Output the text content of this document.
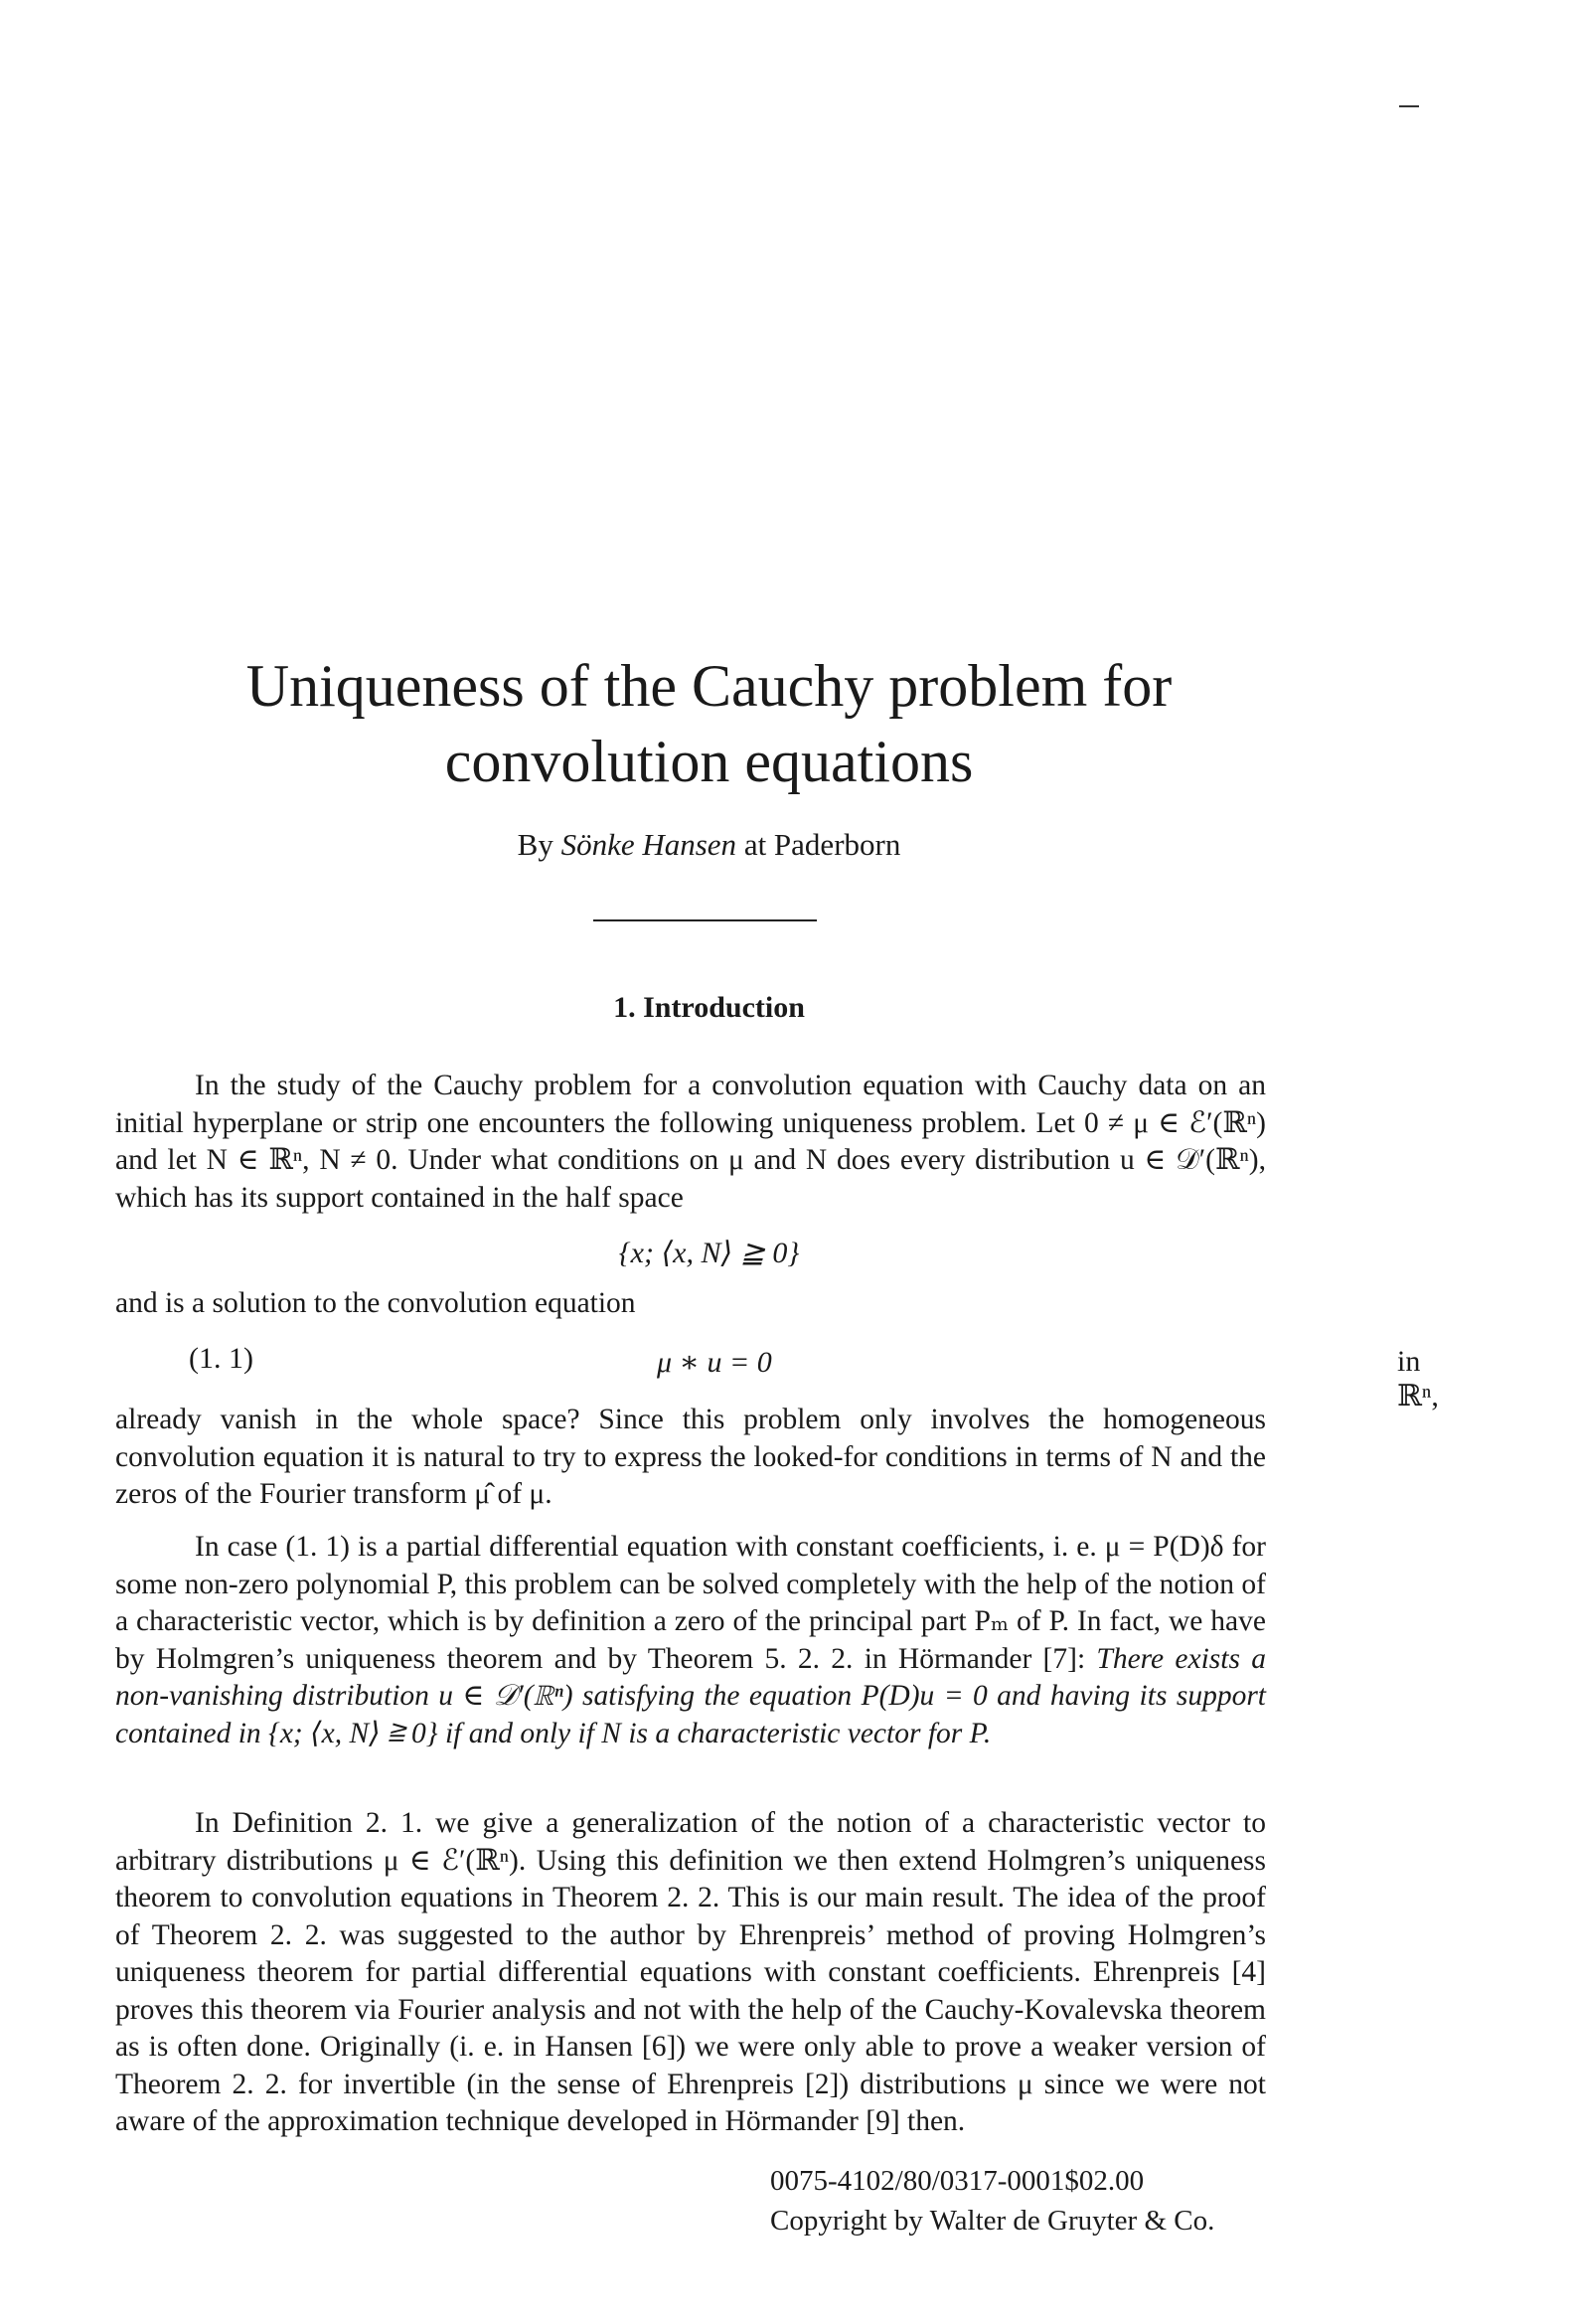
Uniqueness of the Cauchy problem for
convolution equations
By Sönke Hansen at Paderborn
1. Introduction

In the study of the Cauchy problem for a convolution equation with Cauchy data on an initial hyperplane or strip one encounters the following uniqueness problem. Let 0 ≠ μ ∈ ℰ′(ℝⁿ) and let N ∈ ℝⁿ, N ≠ 0. Under what conditions on μ and N does every distribution u ∈ 𝒟′(ℝⁿ), which has its support contained in the half space

{x; ⟨x, N⟩ ≧ 0}

and is a solution to the convolution equation

(1. 1)	μ ∗ u = 0	in ℝⁿ,

already vanish in the whole space? Since this problem only involves the homogeneous convolution equation it is natural to try to express the looked-for conditions in terms of N and the zeros of the Fourier transform μ̂ of μ.

In case (1. 1) is a partial differential equation with constant coefficients, i. e. μ = P(D)δ for some non-zero polynomial P, this problem can be solved completely with the help of the notion of a characteristic vector, which is by definition a zero of the principal part Pₘ of P. In fact, we have by Holmgren’s uniqueness theorem and by Theorem 5. 2. 2. in Hörmander [7]: There exists a non-vanishing distribution u ∈ 𝒟′(ℝⁿ) satisfying the equation P(D)u = 0 and having its support contained in {x; ⟨x, N⟩ ≧ 0} if and only if N is a characteristic vector for P.

In Definition 2. 1. we give a generalization of the notion of a characteristic vector to arbitrary distributions μ ∈ ℰ′(ℝⁿ). Using this definition we then extend Holmgren’s uniqueness theorem to convolution equations in Theorem 2. 2. This is our main result. The idea of the proof of Theorem 2. 2. was suggested to the author by Ehrenpreis’ method of proving Holmgren’s uniqueness theorem for partial differential equations with constant coefficients. Ehrenpreis [4] proves this theorem via Fourier analysis and not with the help of the Cauchy-Kovalevska theorem as is often done. Originally (i. e. in Hansen [6]) we were only able to prove a weaker version of Theorem 2. 2. for invertible (in the sense of Ehrenpreis [2]) distributions μ since we were not aware of the approximation technique developed in Hörmander [9] then.

0075-4102/80/0317-0001$02.00
Copyright by Walter de Gruyter & Co.
